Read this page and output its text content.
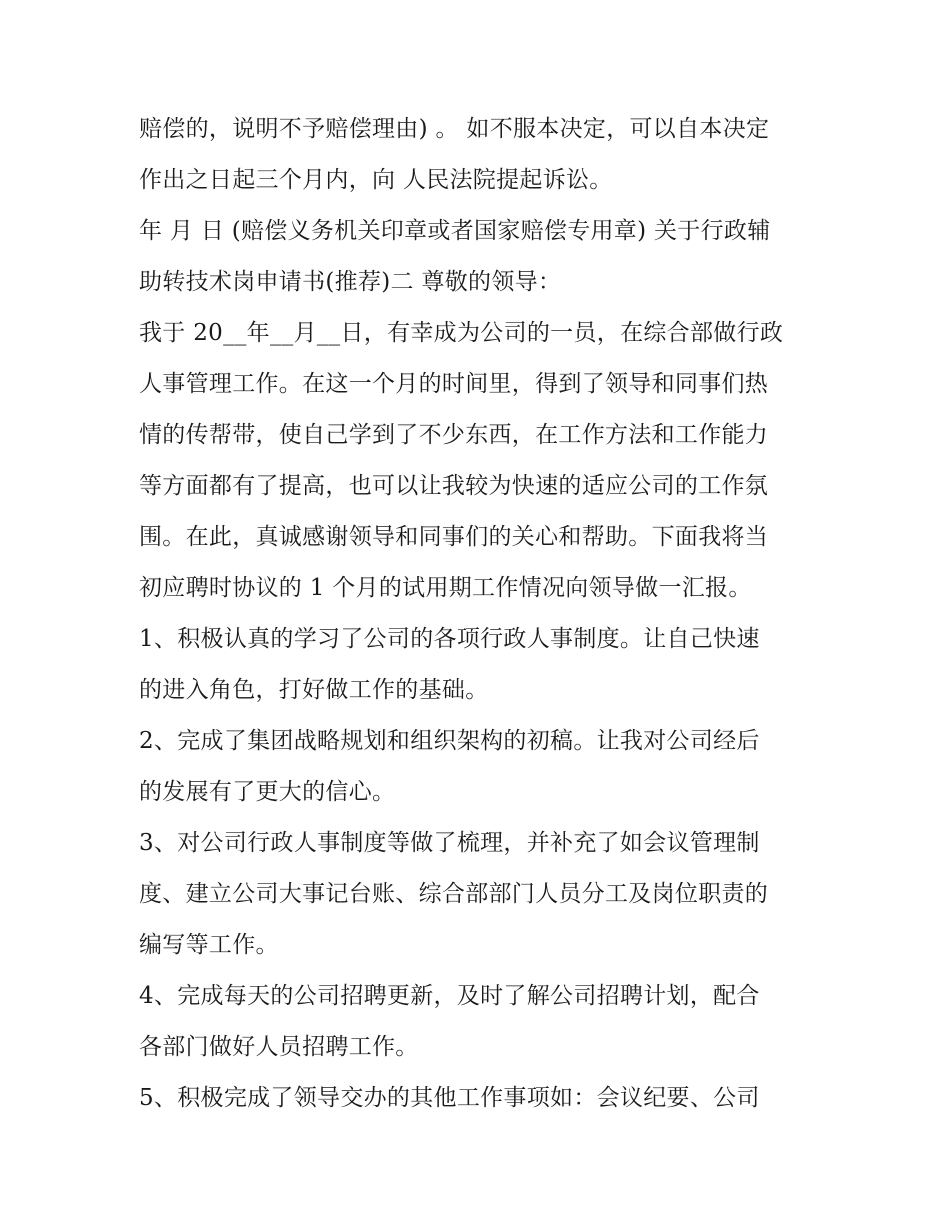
赔偿的，说明不予赔偿理由) 。 如不服本决定，可以自本决定
作出之日起三个月内，向 人民法院提起诉讼。
年 月 日 (赔偿义务机关印章或者国家赔偿专用章) 关于行政辅
助转技术岗申请书(推荐)二 尊敬的领导：
我于 20__年__月__日，有幸成为公司的一员，在综合部做行政
人事管理工作。在这一个月的时间里，得到了领导和同事们热
情的传帮带，使自己学到了不少东西，在工作方法和工作能力
等方面都有了提高，也可以让我较为快速的适应公司的工作氛
围。在此，真诚感谢领导和同事们的关心和帮助。下面我将当
初应聘时协议的 1 个月的试用期工作情况向领导做一汇报。
1、积极认真的学习了公司的各项行政人事制度。让自己快速
的进入角色，打好做工作的基础。
2、完成了集团战略规划和组织架构的初稿。让我对公司经后
的发展有了更大的信心。
3、对公司行政人事制度等做了梳理，并补充了如会议管理制
度、建立公司大事记台账、综合部部门人员分工及岗位职责的
编写等工作。
4、完成每天的公司招聘更新，及时了解公司招聘计划，配合
各部门做好人员招聘工作。
5、积极完成了领导交办的其他工作事项如：会议纪要、公司
